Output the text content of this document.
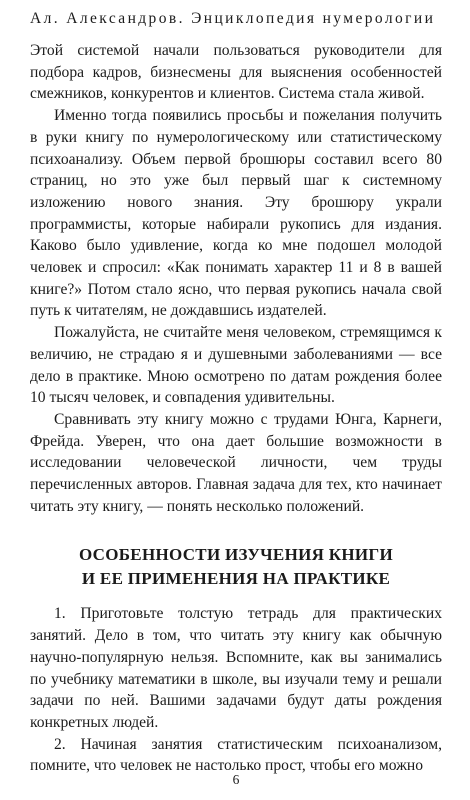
Ал. Александров. Энциклопедия нумерологии

Этой системой начали пользоваться руководители для подбора кадров, бизнесмены для выяснения особенностей смежников, конкурентов и клиентов. Система стала живой.

Именно тогда появились просьбы и пожелания получить в руки книгу по нумерологическому или статистическому психоанализу. Объем первой брошюры составил всего 80 страниц, но это уже был первый шаг к системному изложению нового знания. Эту брошюру украли программисты, которые набирали рукопись для издания. Каково было удивление, когда ко мне подошел молодой человек и спросил: «Как понимать характер 11 и 8 в вашей книге?» Потом стало ясно, что первая рукопись начала свой путь к читателям, не дождавшись издателей.

Пожалуйста, не считайте меня человеком, стремящимся к величию, не страдаю я и душевными заболеваниями — все дело в практике. Мною осмотрено по датам рождения более 10 тысяч человек, и совпадения удивительны.

Сравнивать эту книгу можно с трудами Юнга, Карнеги, Фрейда. Уверен, что она дает большие возможности в исследовании человеческой личности, чем труды перечисленных авторов. Главная задача для тех, кто начинает читать эту книгу, — понять несколько положений.

ОСОБЕННОСТИ ИЗУЧЕНИЯ КНИГИ
И ЕЕ ПРИМЕНЕНИЯ НА ПРАКТИКЕ

1. Приготовьте толстую тетрадь для практических занятий. Дело в том, что читать эту книгу как обычную научно-популярную нельзя. Вспомните, как вы занимались по учебнику математики в школе, вы изучали тему и решали задачи по ней. Вашими задачами будут даты рождения конкретных людей.

2. Начиная занятия статистическим психоанализом, помните, что человек не настолько прост, чтобы его можно

6
